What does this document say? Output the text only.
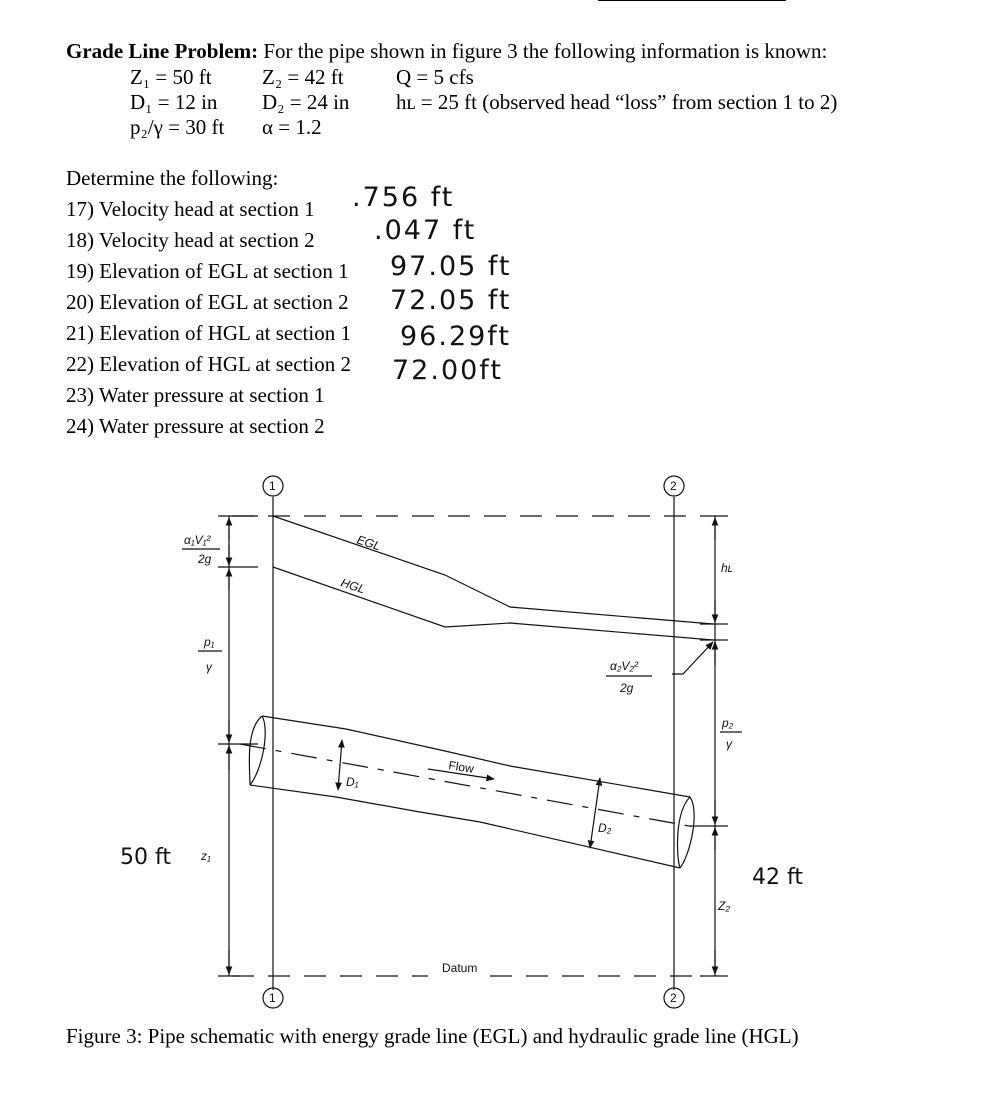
Grade Line Problem: For the pipe shown in figure 3 the following information is known:
Z₁ = 50 ft Z₂ = 42 ft Q = 5 cfs
D₁ = 12 in D₂ = 24 in hʟ = 25 ft (observed head “loss” from section 1 to 2)
p₂/γ = 30 ft α = 1.2
Determine the following:
17) Velocity head at section 1
18) Velocity head at section 2
19) Elevation of EGL at section 1
20) Elevation of EGL at section 2
21) Elevation of HGL at section 1
22) Elevation of HGL at section 2
23) Water pressure at section 1
24) Water pressure at section 2
.756 ft
.047 ft
97.05 ft
72.05 ft
96.29ft
72.00ft
1
1
2
2
EGL
HGL
Flow
Datum
D₁
D₂
α₁V₁²
2g
p₁
γ
z₁
α₂V₂²
2g
hʟ
p₂
γ
Z₂
50 ft
42 ft
Figure 3: Pipe schematic with energy grade line (EGL) and hydraulic grade line (HGL)
